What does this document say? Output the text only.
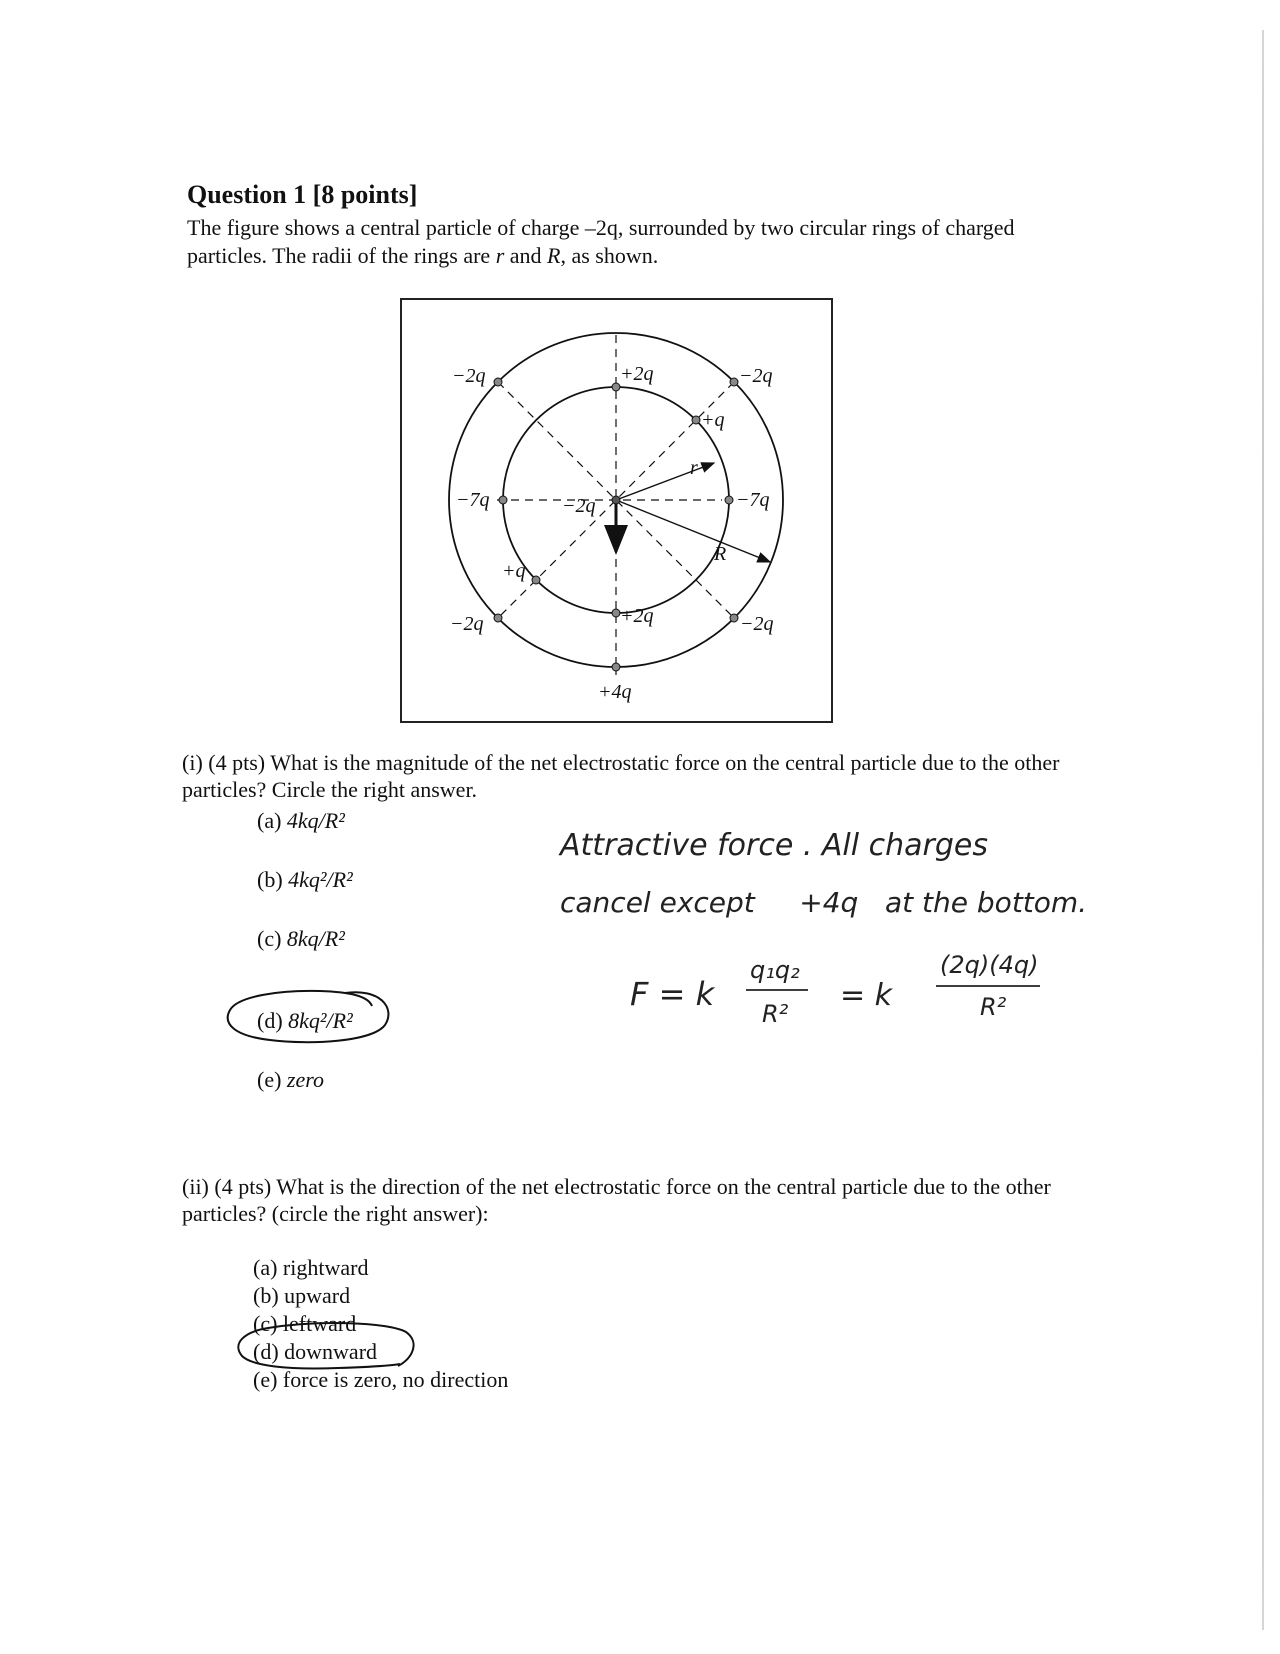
Question 1 [8 points]

The figure shows a central particle of charge –2q, surrounded by two circular rings of charged particles. The radii of the rings are r and R, as shown.

−2q	+2q	−2q
+q
r
−7q	−2q	−7q
R
+q
−2q	+2q	−2q
+4q

(i) (4 pts) What is the magnitude of the net electrostatic force on the central particle due to the other particles? Circle the right answer.

(a) 4kq/R²
(b) 4kq²/R²
(c) 8kq/R²
(d) 8kq²/R²
(e) zero
Attractive force . All charges
cancel except     +4q   at the bottom.
F = k
q₁q₂
R²
= k
(2q)(4q)
R²

(ii) (4 pts) What is the direction of the net electrostatic force on the central particle due to the other particles? (circle the right answer):

(a) rightward
(b) upward
(c) leftward
(d) downward
(e) force is zero, no direction
